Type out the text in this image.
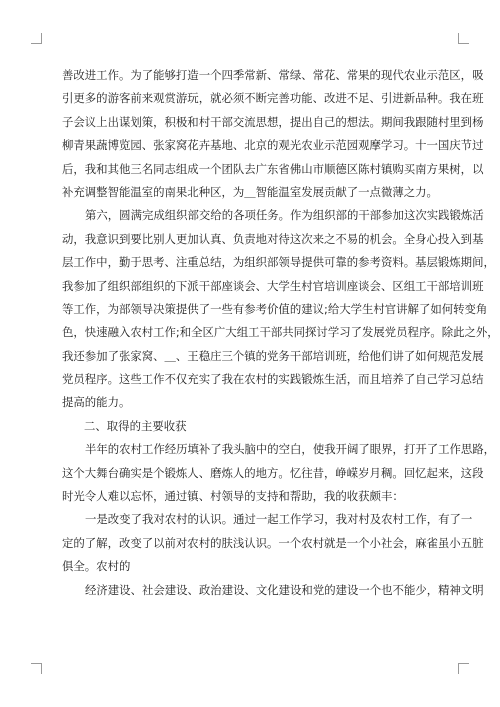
善改进工作。为了能够打造一个四季常新、常绿、常花、常果的现代农业示范区，吸
引更多的游客前来观赏游玩，就必须不断完善功能、改进不足、引进新品种。我在班
子会议上出谋划策，积极和村干部交流思想，提出自己的想法。期间我跟随村里到杨
柳青果蔬博览园、张家窝花卉基地、北京的观光农业示范园观摩学习。十一国庆节过
后，我和其他三名同志组成一个团队去广东省佛山市顺德区陈村镇购买南方果树，以
补充调整智能温室的南果北种区，为＿智能温室发展贡献了一点微薄之力。
第六，圆满完成组织部交给的各项任务。作为组织部的干部参加这次实践锻炼活
动，我意识到要比别人更加认真、负责地对待这次来之不易的机会。全身心投入到基
层工作中，勤于思考、注重总结，为组织部领导提供可靠的参考资料。基层锻炼期间，
我参加了组织部组织的下派干部座谈会、大学生村官培训座谈会、区组工干部培训班
等工作，为部领导决策提供了一些有参考价值的建议;给大学生村官讲解了如何转变角
色，快速融入农村工作;和全区广大组工干部共同探讨学习了发展党员程序。除此之外，
我还参加了张家窝、＿、王稳庄三个镇的党务干部培训班，给他们讲了如何规范发展
党员程序。这些工作不仅充实了我在农村的实践锻炼生活，而且培养了自己学习总结
提高的能力。
二、取得的主要收获
半年的农村工作经历填补了我头脑中的空白，使我开阔了眼界，打开了工作思路，
这个大舞台确实是个锻炼人、磨炼人的地方。忆往昔，峥嵘岁月稠。回忆起来，这段
时光令人难以忘怀，通过镇、村领导的支持和帮助，我的收获颇丰：
一是改变了我对农村的认识。通过一起工作学习，我对村及农村工作，有了一
定的了解，改变了以前对农村的肤浅认识。一个农村就是一个小社会，麻雀虽小五脏
俱全。农村的
经济建设、社会建设、政治建设、文化建设和党的建设一个也不能少，精神文明
